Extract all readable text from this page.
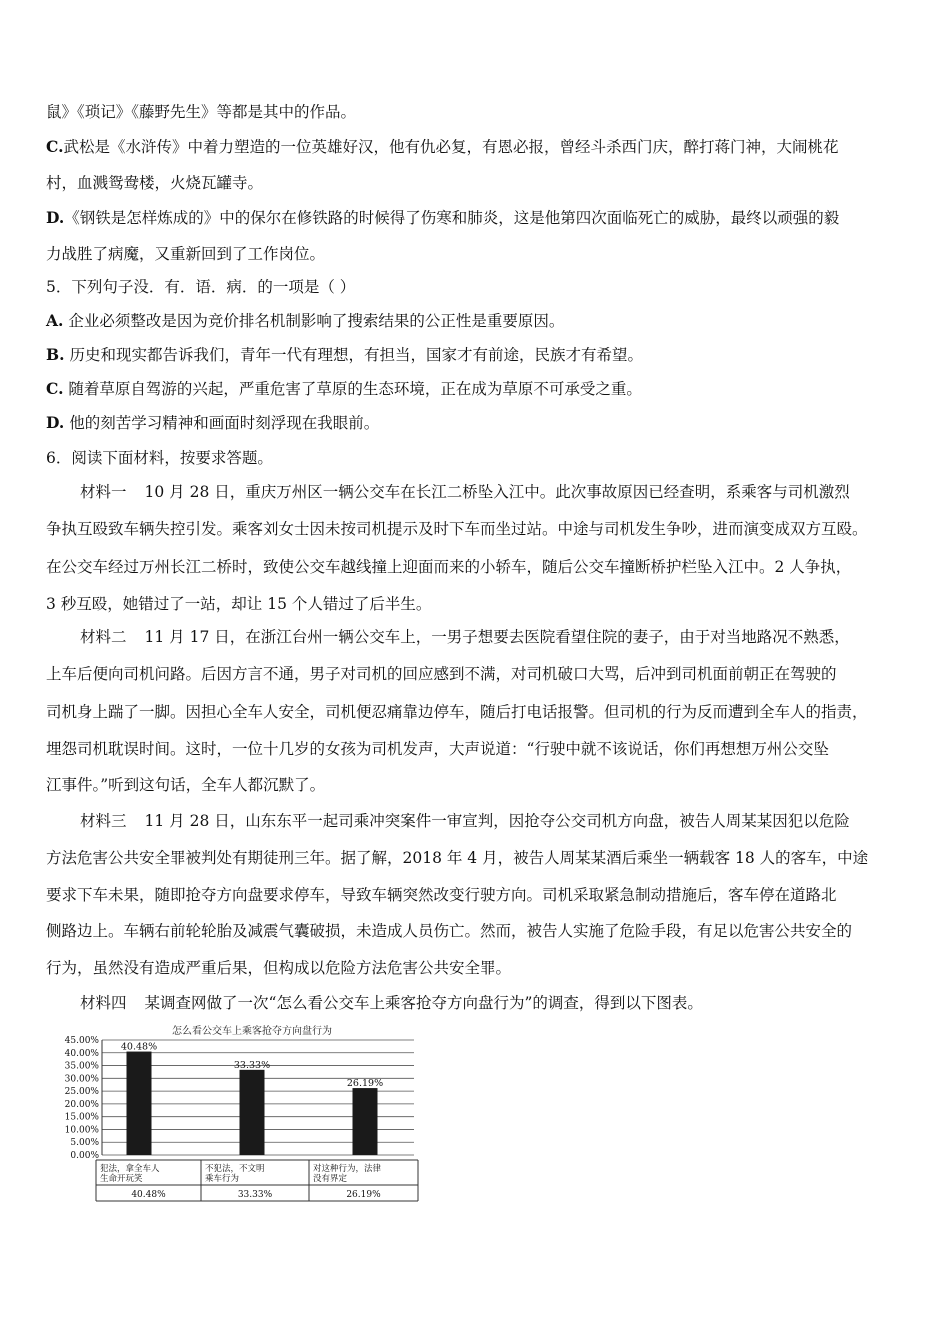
鼠》《琐记》《藤野先生》等都是其中的作品。
C.武松是《水浒传》中着力塑造的一位英雄好汉，他有仇必复，有恩必报，曾经斗杀西门庆，醉打蒋门神，大闹桃花
村，血溅鸳鸯楼，火烧瓦罐寺。
D.《钢铁是怎样炼成的》中的保尔在修铁路的时候得了伤寒和肺炎，这是他第四次面临死亡的威胁，最终以顽强的毅
力战胜了病魔，又重新回到了工作岗位。
5．下列句子没．有．语．病．的一项是（ ）
A. 企业必须整改是因为竞价排名机制影响了搜索结果的公正性是重要原因。
B. 历史和现实都告诉我们，青年一代有理想，有担当，国家才有前途，民族才有希望。
C. 随着草原自驾游的兴起，严重危害了草原的生态环境，正在成为草原不可承受之重。
D. 他的刻苦学习精神和画面时刻浮现在我眼前。
6．阅读下面材料，按要求答题。
材料一 10 月 28 日，重庆万州区一辆公交车在长江二桥坠入江中。此次事故原因已经查明，系乘客与司机激烈
争执互殴致车辆失控引发。乘客刘女士因未按司机提示及时下车而坐过站。中途与司机发生争吵，进而演变成双方互殴。
在公交车经过万州长江二桥时，致使公交车越线撞上迎面而来的小轿车，随后公交车撞断桥护栏坠入江中。2 人争执，
3 秒互殴，她错过了一站，却让 15 个人错过了后半生。
材料二 11 月 17 日，在浙江台州一辆公交车上，一男子想要去医院看望住院的妻子，由于对当地路况不熟悉，
上车后便向司机问路。后因方言不通，男子对司机的回应感到不满，对司机破口大骂，后冲到司机面前朝正在驾驶的
司机身上踹了一脚。因担心全车人安全，司机便忍痛靠边停车，随后打电话报警。但司机的行为反而遭到全车人的指责，
埋怨司机耽误时间。这时，一位十几岁的女孩为司机发声，大声说道：“行驶中就不该说话，你们再想想万州公交坠
江事件。”听到这句话，全车人都沉默了。
材料三 11 月 28 日，山东东平一起司乘冲突案件一审宣判，因抢夺公交司机方向盘，被告人周某某因犯以危险
方法危害公共安全罪被判处有期徒刑三年。据了解，2018 年 4 月，被告人周某某酒后乘坐一辆载客 18 人的客车，中途
要求下车未果，随即抢夺方向盘要求停车，导致车辆突然改变行驶方向。司机采取紧急制动措施后，客车停在道路北
侧路边上。车辆右前轮轮胎及减震气囊破损，未造成人员伤亡。然而，被告人实施了危险手段，有足以危害公共安全的
行为，虽然没有造成严重后果，但构成以危险方法危害公共安全罪。
材料四 某调查网做了一次“怎么看公交车上乘客抢夺方向盘行为”的调查，得到以下图表。
怎么看公交车上乘客抢夺方向盘行为
0.00%
5.00%
10.00%
15.00%
20.00%
25.00%
30.00%
35.00%
40.00%
45.00%
40.48%
33.33%
26.19%
犯法，拿全车人
生命开玩笑
40.48%
不犯法，不文明
乘车行为
33.33%
对这种行为，法律
没有界定
26.19%
